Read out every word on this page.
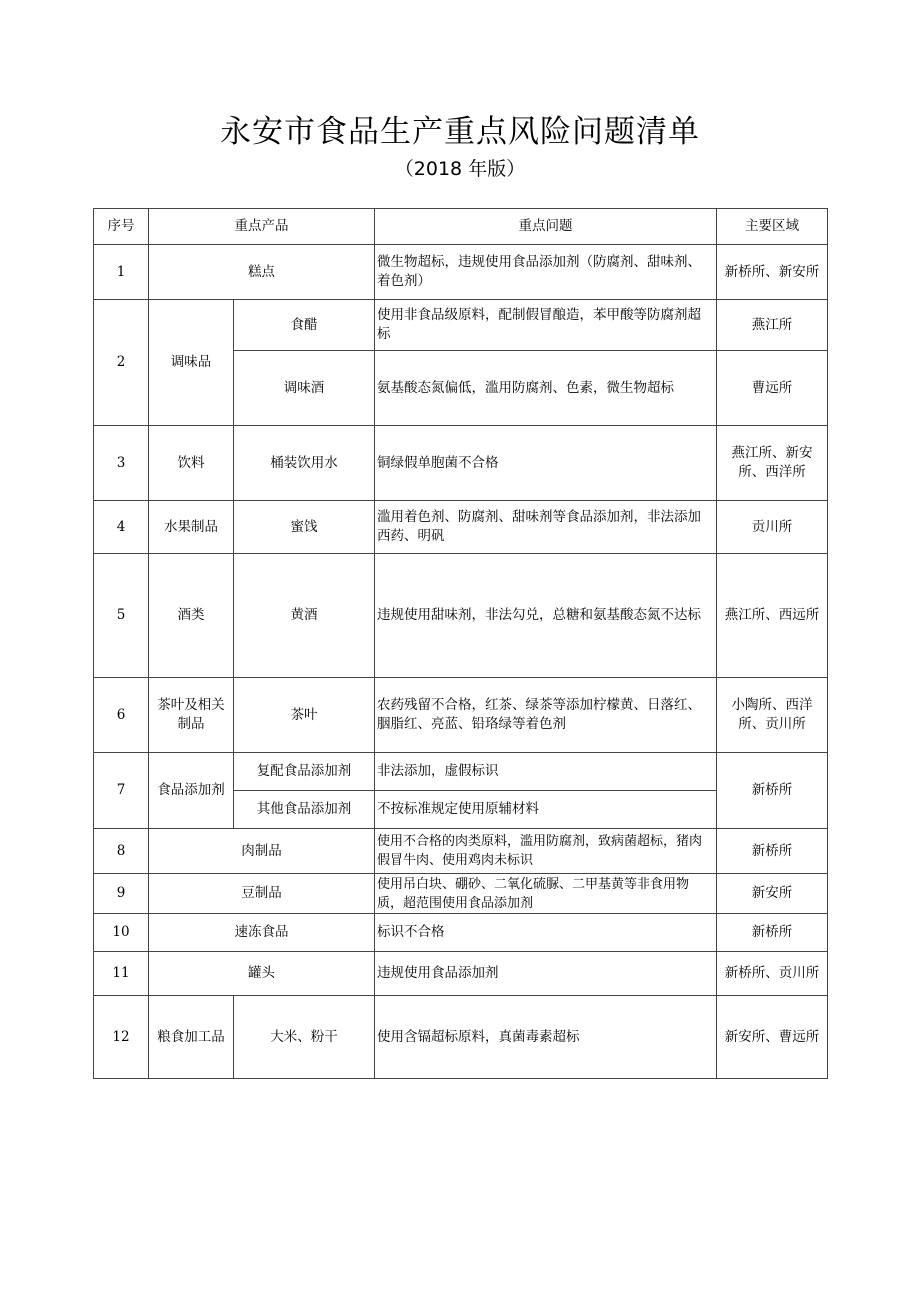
永安市食品生产重点风险问题清单
（2018 年版）
序号	重点产品		重点问题	主要区域
1	糕点		微生物超标，违规使用食品添加剂（防腐剂、甜味剂、着色剂）	新桥所、新安所
2	调味品	食醋	使用非食品级原料，配制假冒酿造，苯甲酸等防腐剂超标	燕江所
		调味酒	氨基酸态氮偏低，滥用防腐剂、色素，微生物超标	曹远所
3	饮料	桶装饮用水	铜绿假单胞菌不合格	燕江所、新安所、西洋所
4	水果制品	蜜饯	滥用着色剂、防腐剂、甜味剂等食品添加剂，非法添加西药、明矾	贡川所
5	酒类	黄酒	违规使用甜味剂，非法勾兑，总糖和氨基酸态氮不达标	燕江所、西远所
6	茶叶及相关制品	茶叶	农药残留不合格，红茶、绿茶等添加柠檬黄、日落红、胭脂红、亮蓝、铅珞绿等着色剂	小陶所、西洋所、贡川所
7	食品添加剂	复配食品添加剂	非法添加，虚假标识	新桥所
		其他食品添加剂	不按标准规定使用原辅材料	
8	肉制品		使用不合格的肉类原料，滥用防腐剂，致病菌超标，猪肉假冒牛肉、使用鸡肉未标识	新桥所
9	豆制品		使用吊白块、硼砂、二氧化硫脲、二甲基黄等非食用物质，超范围使用食品添加剂	新安所
10	速冻食品		标识不合格	新桥所
11	罐头		违规使用食品添加剂	新桥所、贡川所
12	粮食加工品	大米、粉干	使用含镉超标原料，真菌毒素超标	新安所、曹远所
